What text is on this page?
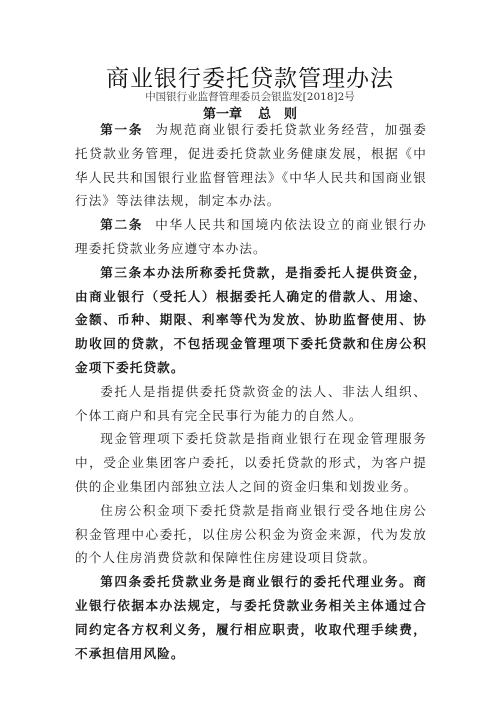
商业银行委托贷款管理办法
中国银行业监督管理委员会银监发[2018]2号
第一章 总　则

第一条 为规范商业银行委托贷款业务经营，加强委托贷款业务管理，促进委托贷款业务健康发展，根据《中华人民共和国银行业监督管理法》《中华人民共和国商业银行法》等法律法规，制定本办法。

第二条 中华人民共和国境内依法设立的商业银行办理委托贷款业务应遵守本办法。

第三条本办法所称委托贷款，是指委托人提供资金，由商业银行（受托人）根据委托人确定的借款人、用途、金额、币种、期限、利率等代为发放、协助监督使用、协助收回的贷款，不包括现金管理项下委托贷款和住房公积金项下委托贷款。

委托人是指提供委托贷款资金的法人、非法人组织、个体工商户和具有完全民事行为能力的自然人。

现金管理项下委托贷款是指商业银行在现金管理服务中，受企业集团客户委托，以委托贷款的形式，为客户提供的企业集团内部独立法人之间的资金归集和划拨业务。

住房公积金项下委托贷款是指商业银行受各地住房公积金管理中心委托，以住房公积金为资金来源，代为发放的个人住房消费贷款和保障性住房建设项目贷款。

第四条委托贷款业务是商业银行的委托代理业务。商业银行依据本办法规定，与委托贷款业务相关主体通过合同约定各方权利义务，履行相应职责，收取代理手续费，不承担信用风险。
